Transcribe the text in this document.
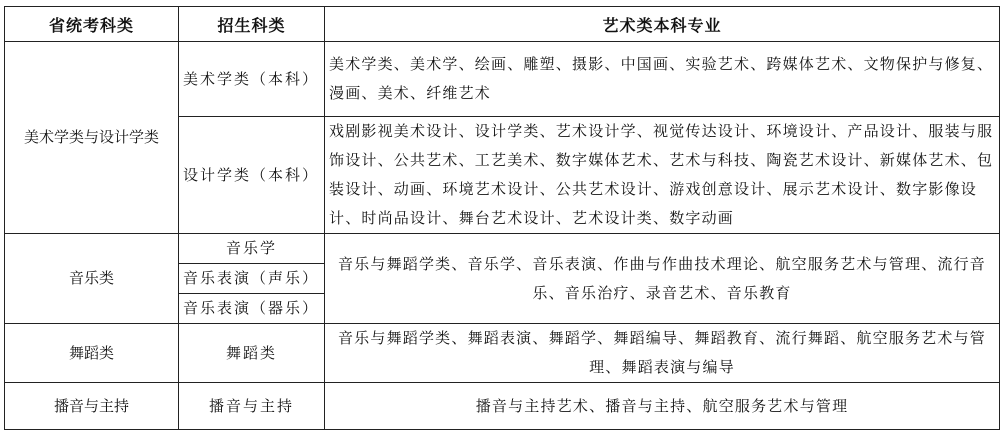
省统考科类	招生科类	艺术类本科专业
美术学类与设计学类	美术学类（本科）	美术学类、美术学、绘画、雕塑、摄影、中国画、实验艺术、跨媒体艺术、文物保护与修复、漫画、美术、纤维艺术
	设计学类（本科）	戏剧影视美术设计、设计学类、艺术设计学、视觉传达设计、环境设计、产品设计、服装与服饰设计、公共艺术、工艺美术、数字媒体艺术、艺术与科技、陶瓷艺术设计、新媒体艺术、包装设计、动画、环境艺术设计、公共艺术设计、游戏创意设计、展示艺术设计、数字影像设计、时尚品设计、舞台艺术设计、艺术设计类、数字动画
音乐类	音乐学	音乐与舞蹈学类、音乐学、音乐表演、作曲与作曲技术理论、航空服务艺术与管理、流行音乐、音乐治疗、录音艺术、音乐教育
	音乐表演（声乐）	
	音乐表演（器乐）	
舞蹈类	舞蹈类	音乐与舞蹈学类、舞蹈表演、舞蹈学、舞蹈编导、舞蹈教育、流行舞蹈、航空服务艺术与管理、舞蹈表演与编导
播音与主持	播音与主持	播音与主持艺术、播音与主持、航空服务艺术与管理
